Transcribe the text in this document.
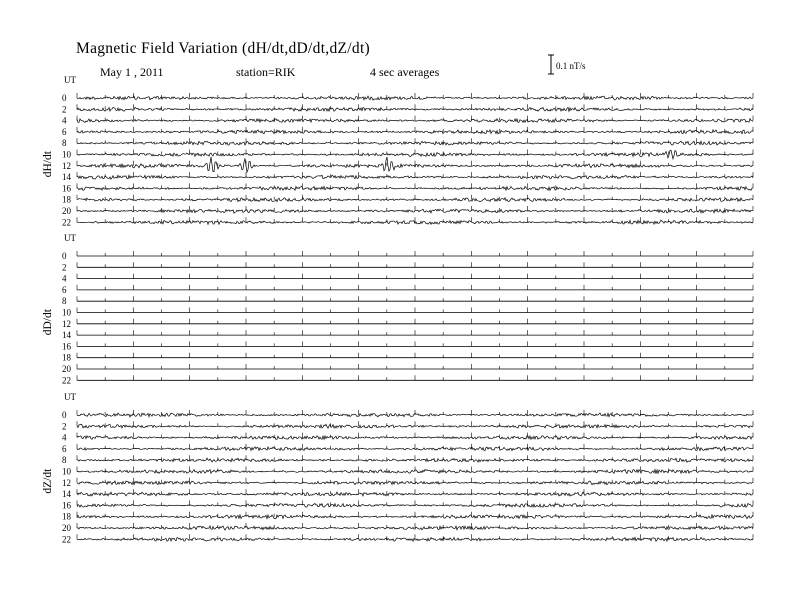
Magnetic Field Variation (dH/dt,dD/dt,dZ/dt)
May 1 , 2011	station=RIK	4 sec averages	0.1 nT/s
UT
dH/dt
0
2
4
6
8
10
12
14
16
18
20
22
UT
dD/dt
0
2
4
6
8
10
12
14
16
18
20
22
UT
dZ/dt
0
2
4
6
8
10
12
14
16
18
20
22
